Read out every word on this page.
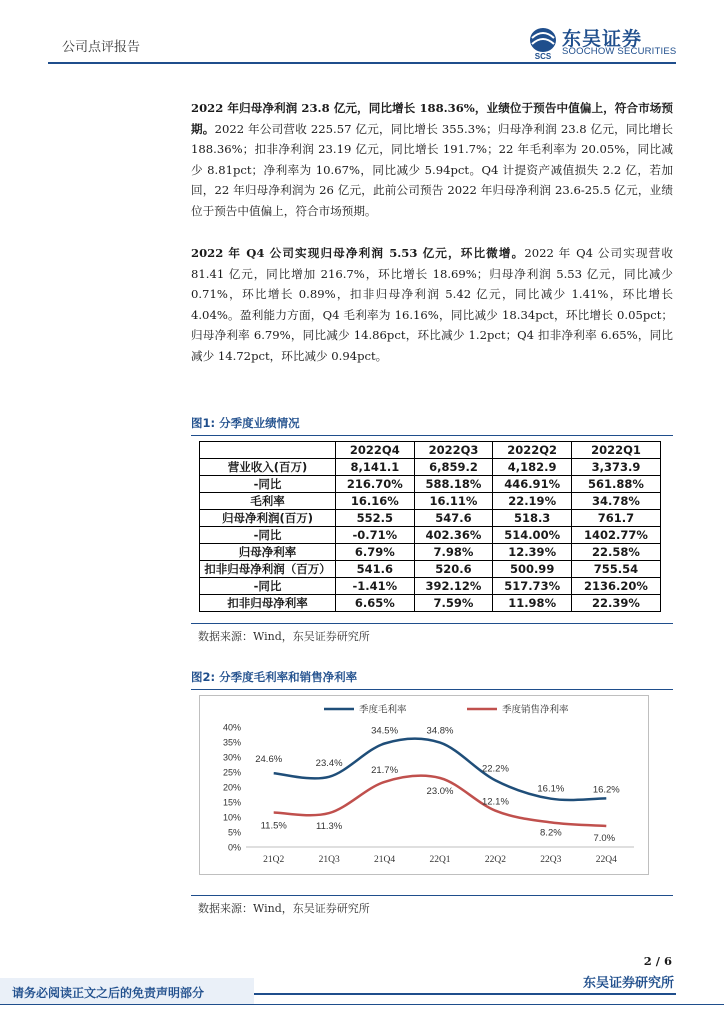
公司点评报告
SCS
东吴证券
SOOCHOW SECURITIES
2022 年归母净利润 23.8 亿元，同比增长 188.36%，业绩位于预告中值偏上，符合市场预期。2022 年公司营收 225.57 亿元，同比增长 355.3%；归母净利润 23.8 亿元，同比增长 188.36%；扣非净利润 23.19 亿元，同比增长 191.7%；22 年毛利率为 20.05%，同比减少 8.81pct；净利率为 10.67%，同比减少 5.94pct。Q4 计提资产减值损失 2.2 亿，若加回，22 年归母净利润为 26 亿元，此前公司预告 2022 年归母净利润 23.6-25.5 亿元，业绩位于预告中值偏上，符合市场预期。
2022 年 Q4 公司实现归母净利润 5.53 亿元，环比微增。2022 年 Q4 公司实现营收 81.41 亿元，同比增加 216.7%，环比增长 18.69%；归母净利润 5.53 亿元，同比减少 0.71%，环比增长 0.89%，扣非归母净利润 5.42 亿元，同比减少 1.41%，环比增长 4.04%。盈利能力方面，Q4 毛利率为 16.16%，同比减少 18.34pct，环比增长 0.05pct；归母净利率 6.79%，同比减少 14.86pct，环比减少 1.2pct；Q4 扣非净利率 6.65%，同比减少 14.72pct，环比减少 0.94pct。
图1: 分季度业绩情况
	2022Q4	2022Q3	2022Q2	2022Q1
营业收入(百万)	8,141.1	6,859.2	4,182.9	3,373.9
-同比	216.70%	588.18%	446.91%	561.88%
毛利率	16.16%	16.11%	22.19%	34.78%
归母净利润(百万)	552.5	547.6	518.3	761.7
-同比	-0.71%	402.36%	514.00%	1402.77%
归母净利率	6.79%	7.98%	12.39%	22.58%
扣非归母净利润（百万）	541.6	520.6	500.99	755.54
-同比	-1.41%	392.12%	517.73%	2136.20%
扣非归母净利率	6.65%	7.59%	11.98%	22.39%
数据来源：Wind，东吴证券研究所
图2: 分季度毛利率和销售净利率
0%
5%
10%
15%
20%
25%
30%
35%
40%
21Q2	21Q3	21Q4	22Q1	22Q2	22Q3	22Q4
24.6%	23.4%
34.5%	34.8%
22.2%
16.1%	16.2%
11.5%	11.3%
21.7%
23.0%
12.1%
8.2%
7.0%
季度毛利率	季度销售净利率
数据来源：Wind，东吴证券研究所
2 / 6
请务必阅读正文之后的免责声明部分
东吴证券研究所
